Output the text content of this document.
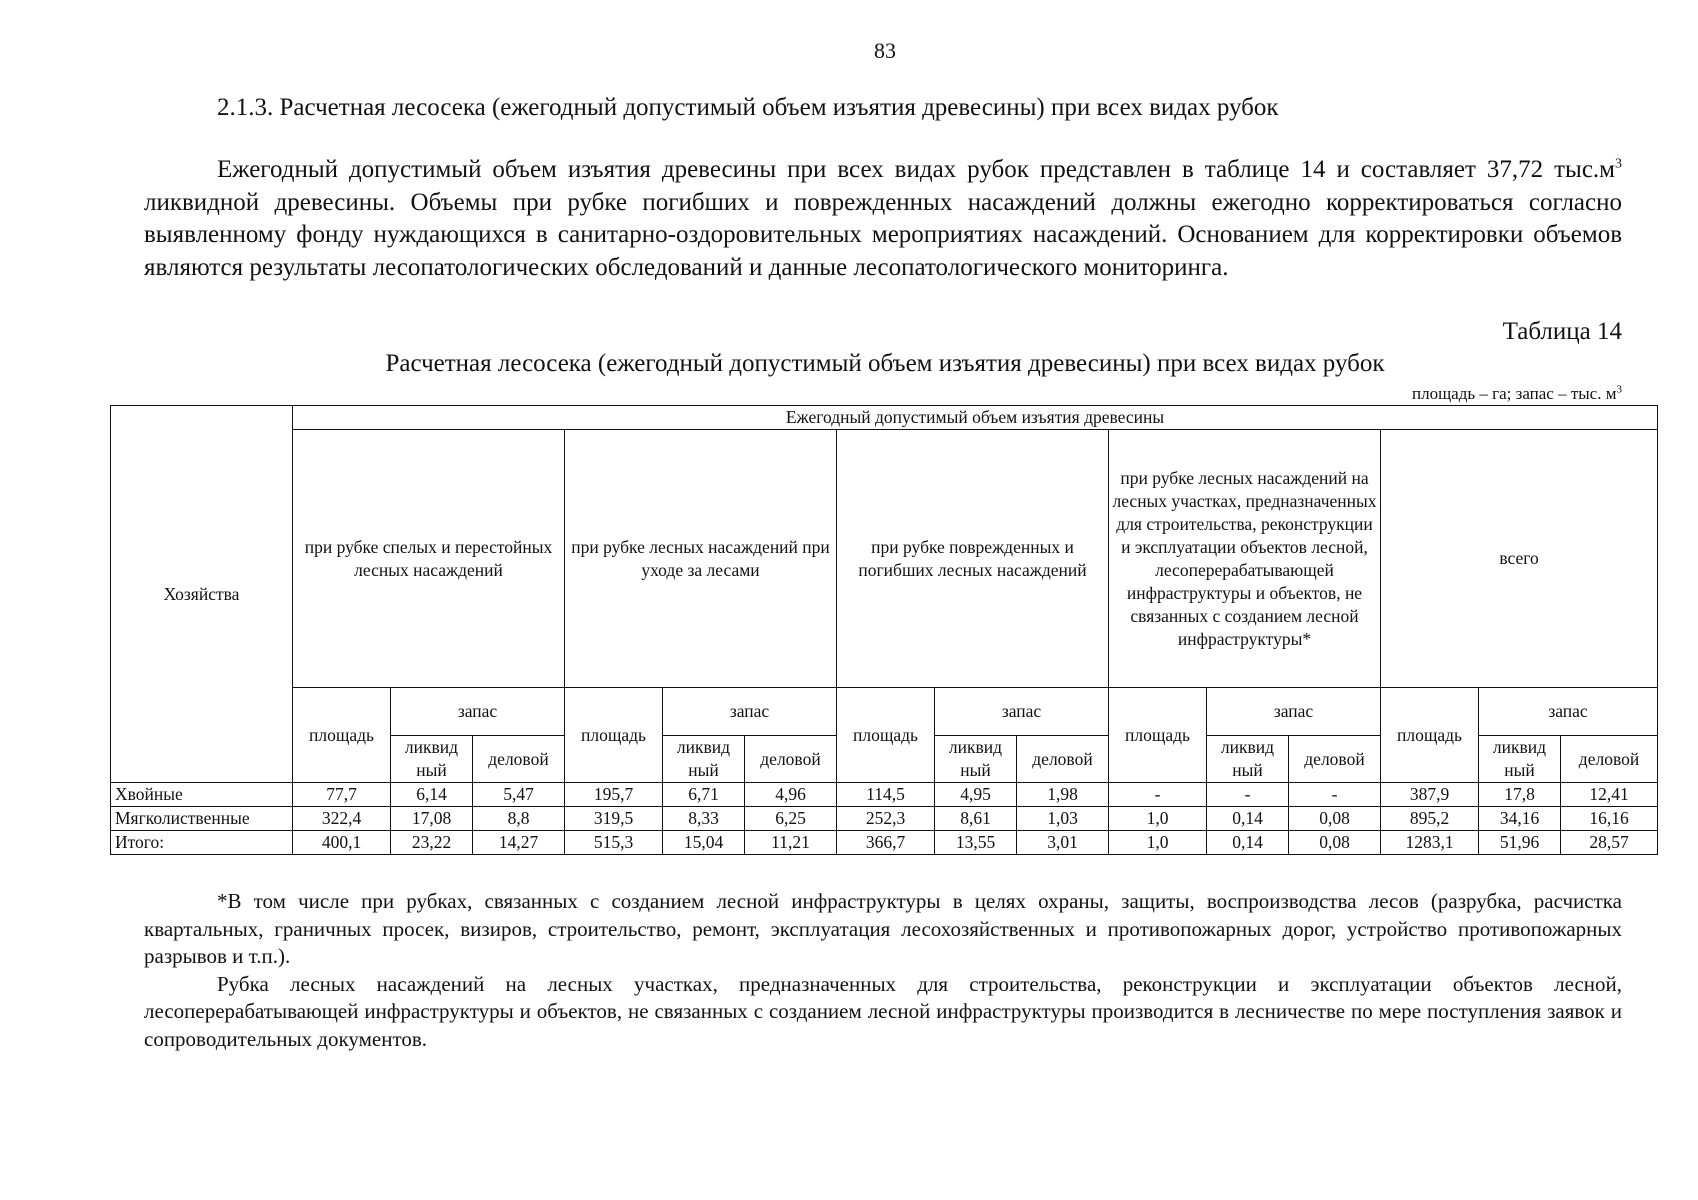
83
2.1.3. Расчетная лесосека (ежегодный допустимый объем изъятия древесины) при всех видах рубок

Ежегодный допустимый объем изъятия древесины при всех видах рубок представлен в таблице 14 и составляет 37,72 $тыс.м^3$ ликвидной древесины. Объемы при рубке погибших и поврежденных насаждений должны ежегодно корректироваться согласно выявленному фонду нуждающихся в санитарно-оздоровительных мероприятиях насаждений. Основанием для корректировки объемов являются результаты лесопатологических обследований и данные лесопатологического мониторинга.

Таблица 14
Расчетная лесосека (ежегодный допустимый объем изъятия древесины) при всех видах рубок
площадь – га; запас – тыс. $м^3$
Хозяйства	Ежегодный допустимый объем изъятия древесины														
	при рубке спелых и перестойных лесных насаждений			при рубке лесных насаждений при уходе за лесами			при рубке поврежденных и погибших лесных насаждений			при рубке лесных насаждений на лесных участках, предназначенных для строительства, реконструкции и эксплуатации объектов лесной, лесоперерабатывающей инфраструктуры и объектов, не связанных с созданием лесной инфраструктуры*			всего		
	площадь	запас		площадь	запас		площадь	запас		площадь	запас		площадь	запас	
		ликвид ный	деловой		ликвид ный	деловой		ликвид ный	деловой		ликвид ный	деловой		ликвид ный	деловой
Хвойные	77,7	6,14	5,47	195,7	6,71	4,96	114,5	4,95	1,98	-	-	-	387,9	17,8	12,41
Мягколиственные	322,4	17,08	8,8	319,5	8,33	6,25	252,3	8,61	1,03	1,0	0,14	0,08	895,2	34,16	16,16
Итого:	400,1	23,22	14,27	515,3	15,04	11,21	366,7	13,55	3,01	1,0	0,14	0,08	1283,1	51,96	28,57

*В том числе при рубках, связанных с созданием лесной инфраструктуры в целях охраны, защиты, воспроизводства лесов (разрубка, расчистка квартальных, граничных просек, визиров, строительство, ремонт, эксплуатация лесохозяйственных и противопожарных дорог, устройство противопожарных разрывов и т.п.).

Рубка лесных насаждений на лесных участках, предназначенных для строительства, реконструкции и эксплуатации объектов лесной, лесоперерабатывающей инфраструктуры и объектов, не связанных с созданием лесной инфраструктуры производится в лесничестве по мере поступления заявок и сопроводительных документов.
